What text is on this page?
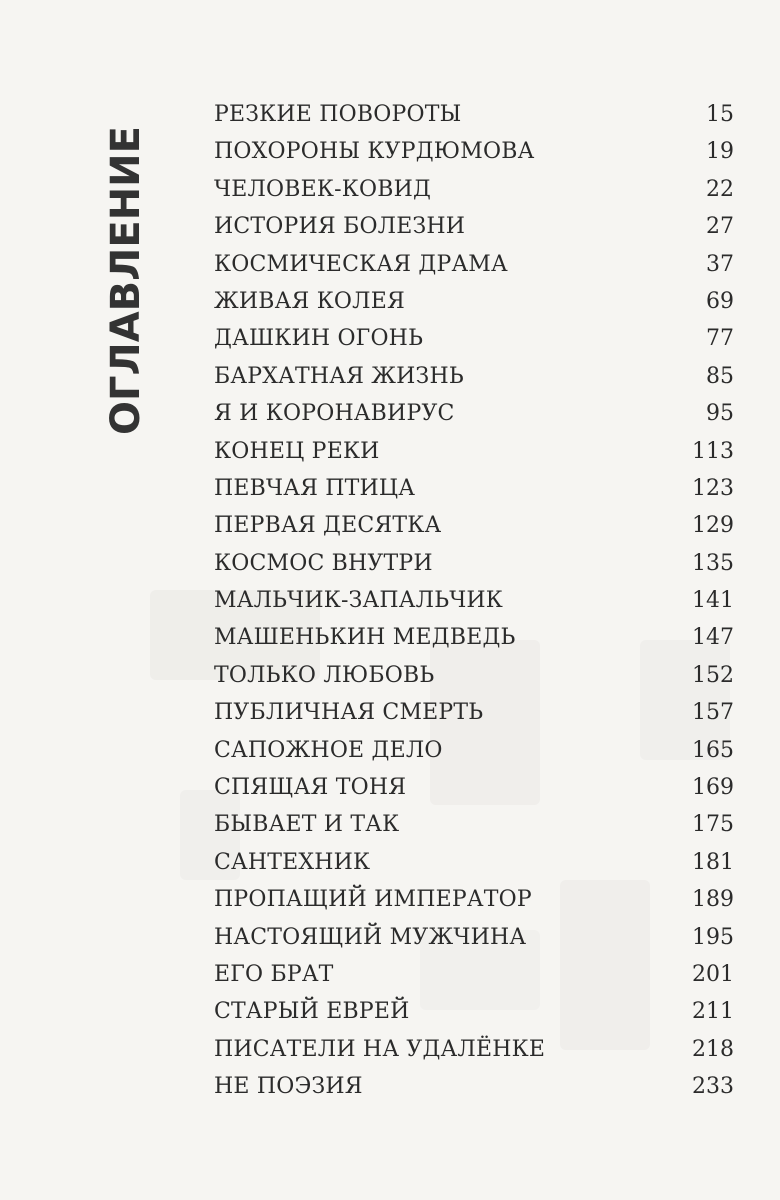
ОГЛАВЛЕНИЕ
РЕЗКИЕ ПОВОРОТЫ	15
ПОХОРОНЫ КУРДЮМОВА	19
ЧЕЛОВЕК-КОВИД	22
ИСТОРИЯ БОЛЕЗНИ	27
КОСМИЧЕСКАЯ ДРАМА	37
ЖИВАЯ КОЛЕЯ	69
ДАШКИН ОГОНЬ	77
БАРХАТНАЯ ЖИЗНЬ	85
Я И КОРОНАВИРУС	95
КОНЕЦ РЕКИ	113
ПЕВЧАЯ ПТИЦА	123
ПЕРВАЯ ДЕСЯТКА	129
КОСМОС ВНУТРИ	135
МАЛЬЧИК-ЗАПАЛЬЧИК	141
МАШЕНЬКИН МЕДВЕДЬ	147
ТОЛЬКО ЛЮБОВЬ	152
ПУБЛИЧНАЯ СМЕРТЬ	157
САПОЖНОЕ ДЕЛО	165
СПЯЩАЯ ТОНЯ	169
БЫВАЕТ И ТАК	175
САНТЕХНИК	181
ПРОПАЩИЙ ИМПЕРАТОР	189
НАСТОЯЩИЙ МУЖЧИНА	195
ЕГО БРАТ	201
СТАРЫЙ ЕВРЕЙ	211
ПИСАТЕЛИ НА УДАЛЁНКЕ	218
НЕ ПОЭЗИЯ	233
